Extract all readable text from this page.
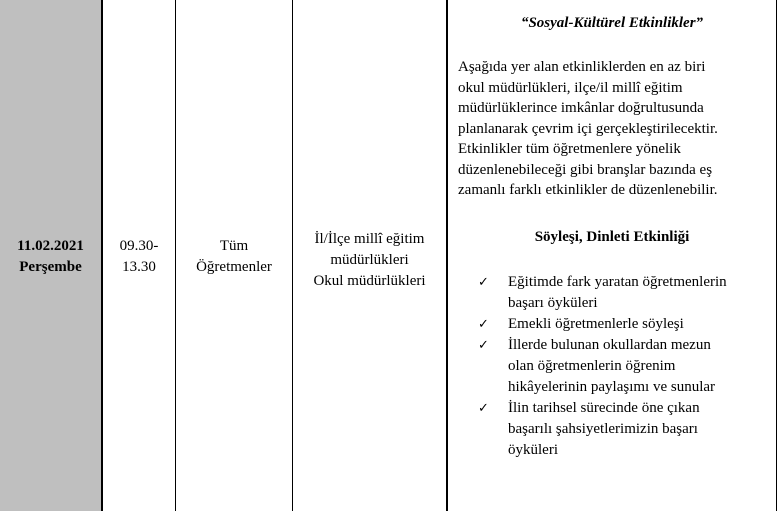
11.02.2021
Perşembe
09.30-
13.30
Tüm
Öğretmenler
İl/İlçe millî eğitim
müdürlükleri
Okul müdürlükleri
“Sosyal-Kültürel Etkinlikler”
Aşağıda yer alan etkinliklerden en az biri
okul müdürlükleri, ilçe/il millî eğitim
müdürlüklerince imkânlar doğrultusunda
planlanarak çevrim içi gerçekleştirilecektir.
Etkinlikler tüm öğretmenlere yönelik
düzenlenebileceği gibi branşlar bazında eş
zamanlı farklı etkinlikler de düzenlenebilir.
Söyleşi, Dinleti Etkinliği
✓ Eğitimde fark yaratan öğretmenlerin
başarı öyküleri
✓ Emekli öğretmenlerle söyleşi
✓ İllerde bulunan okullardan mezun
olan öğretmenlerin öğrenim
hikâyelerinin paylaşımı ve sunular
✓ İlin tarihsel sürecinde öne çıkan
başarılı şahsiyetlerimizin başarı
öyküleri
